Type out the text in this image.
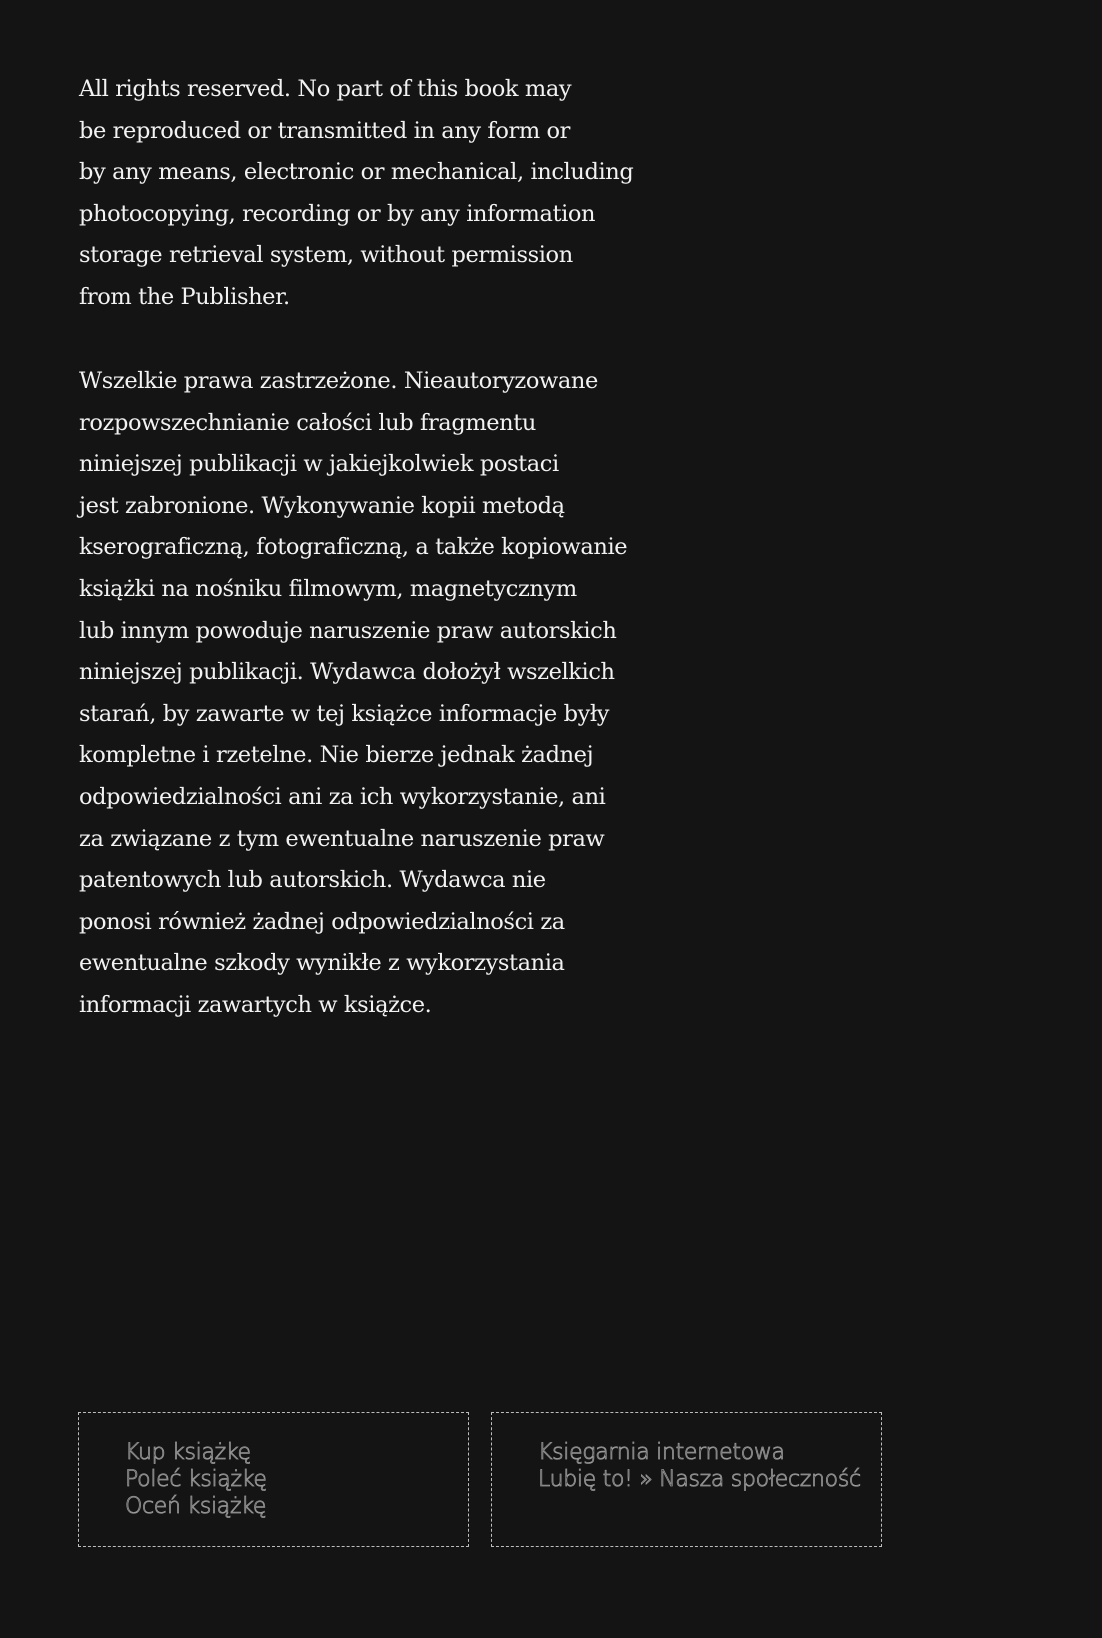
All rights reserved. No part of this book may
be reproduced or transmitted in any form or
by any means, electronic or mechanical, including
photocopying, recording or by any information
storage retrieval system, without permission
from the Publisher.
Wszelkie prawa zastrzeżone. Nieautoryzowane
rozpowszechnianie całości lub fragmentu
niniejszej publikacji w jakiejkolwiek postaci
jest zabronione. Wykonywanie kopii metodą
kserograficzną, fotograficzną, a także kopiowanie
książki na nośniku filmowym, magnetycznym
lub innym powoduje naruszenie praw autorskich
niniejszej publikacji. Wydawca dołożył wszelkich
starań, by zawarte w tej książce informacje były
kompletne i rzetelne. Nie bierze jednak żadnej
odpowiedzialności ani za ich wykorzystanie, ani
za związane z tym ewentualne naruszenie praw
patentowych lub autorskich. Wydawca nie
ponosi również żadnej odpowiedzialności za
ewentualne szkody wynikłe z wykorzystania
informacji zawartych w książce.
Kup książkę
Poleć książkę
Oceń książkę
Księgarnia internetowa
Lubię to! » Nasza społeczność
